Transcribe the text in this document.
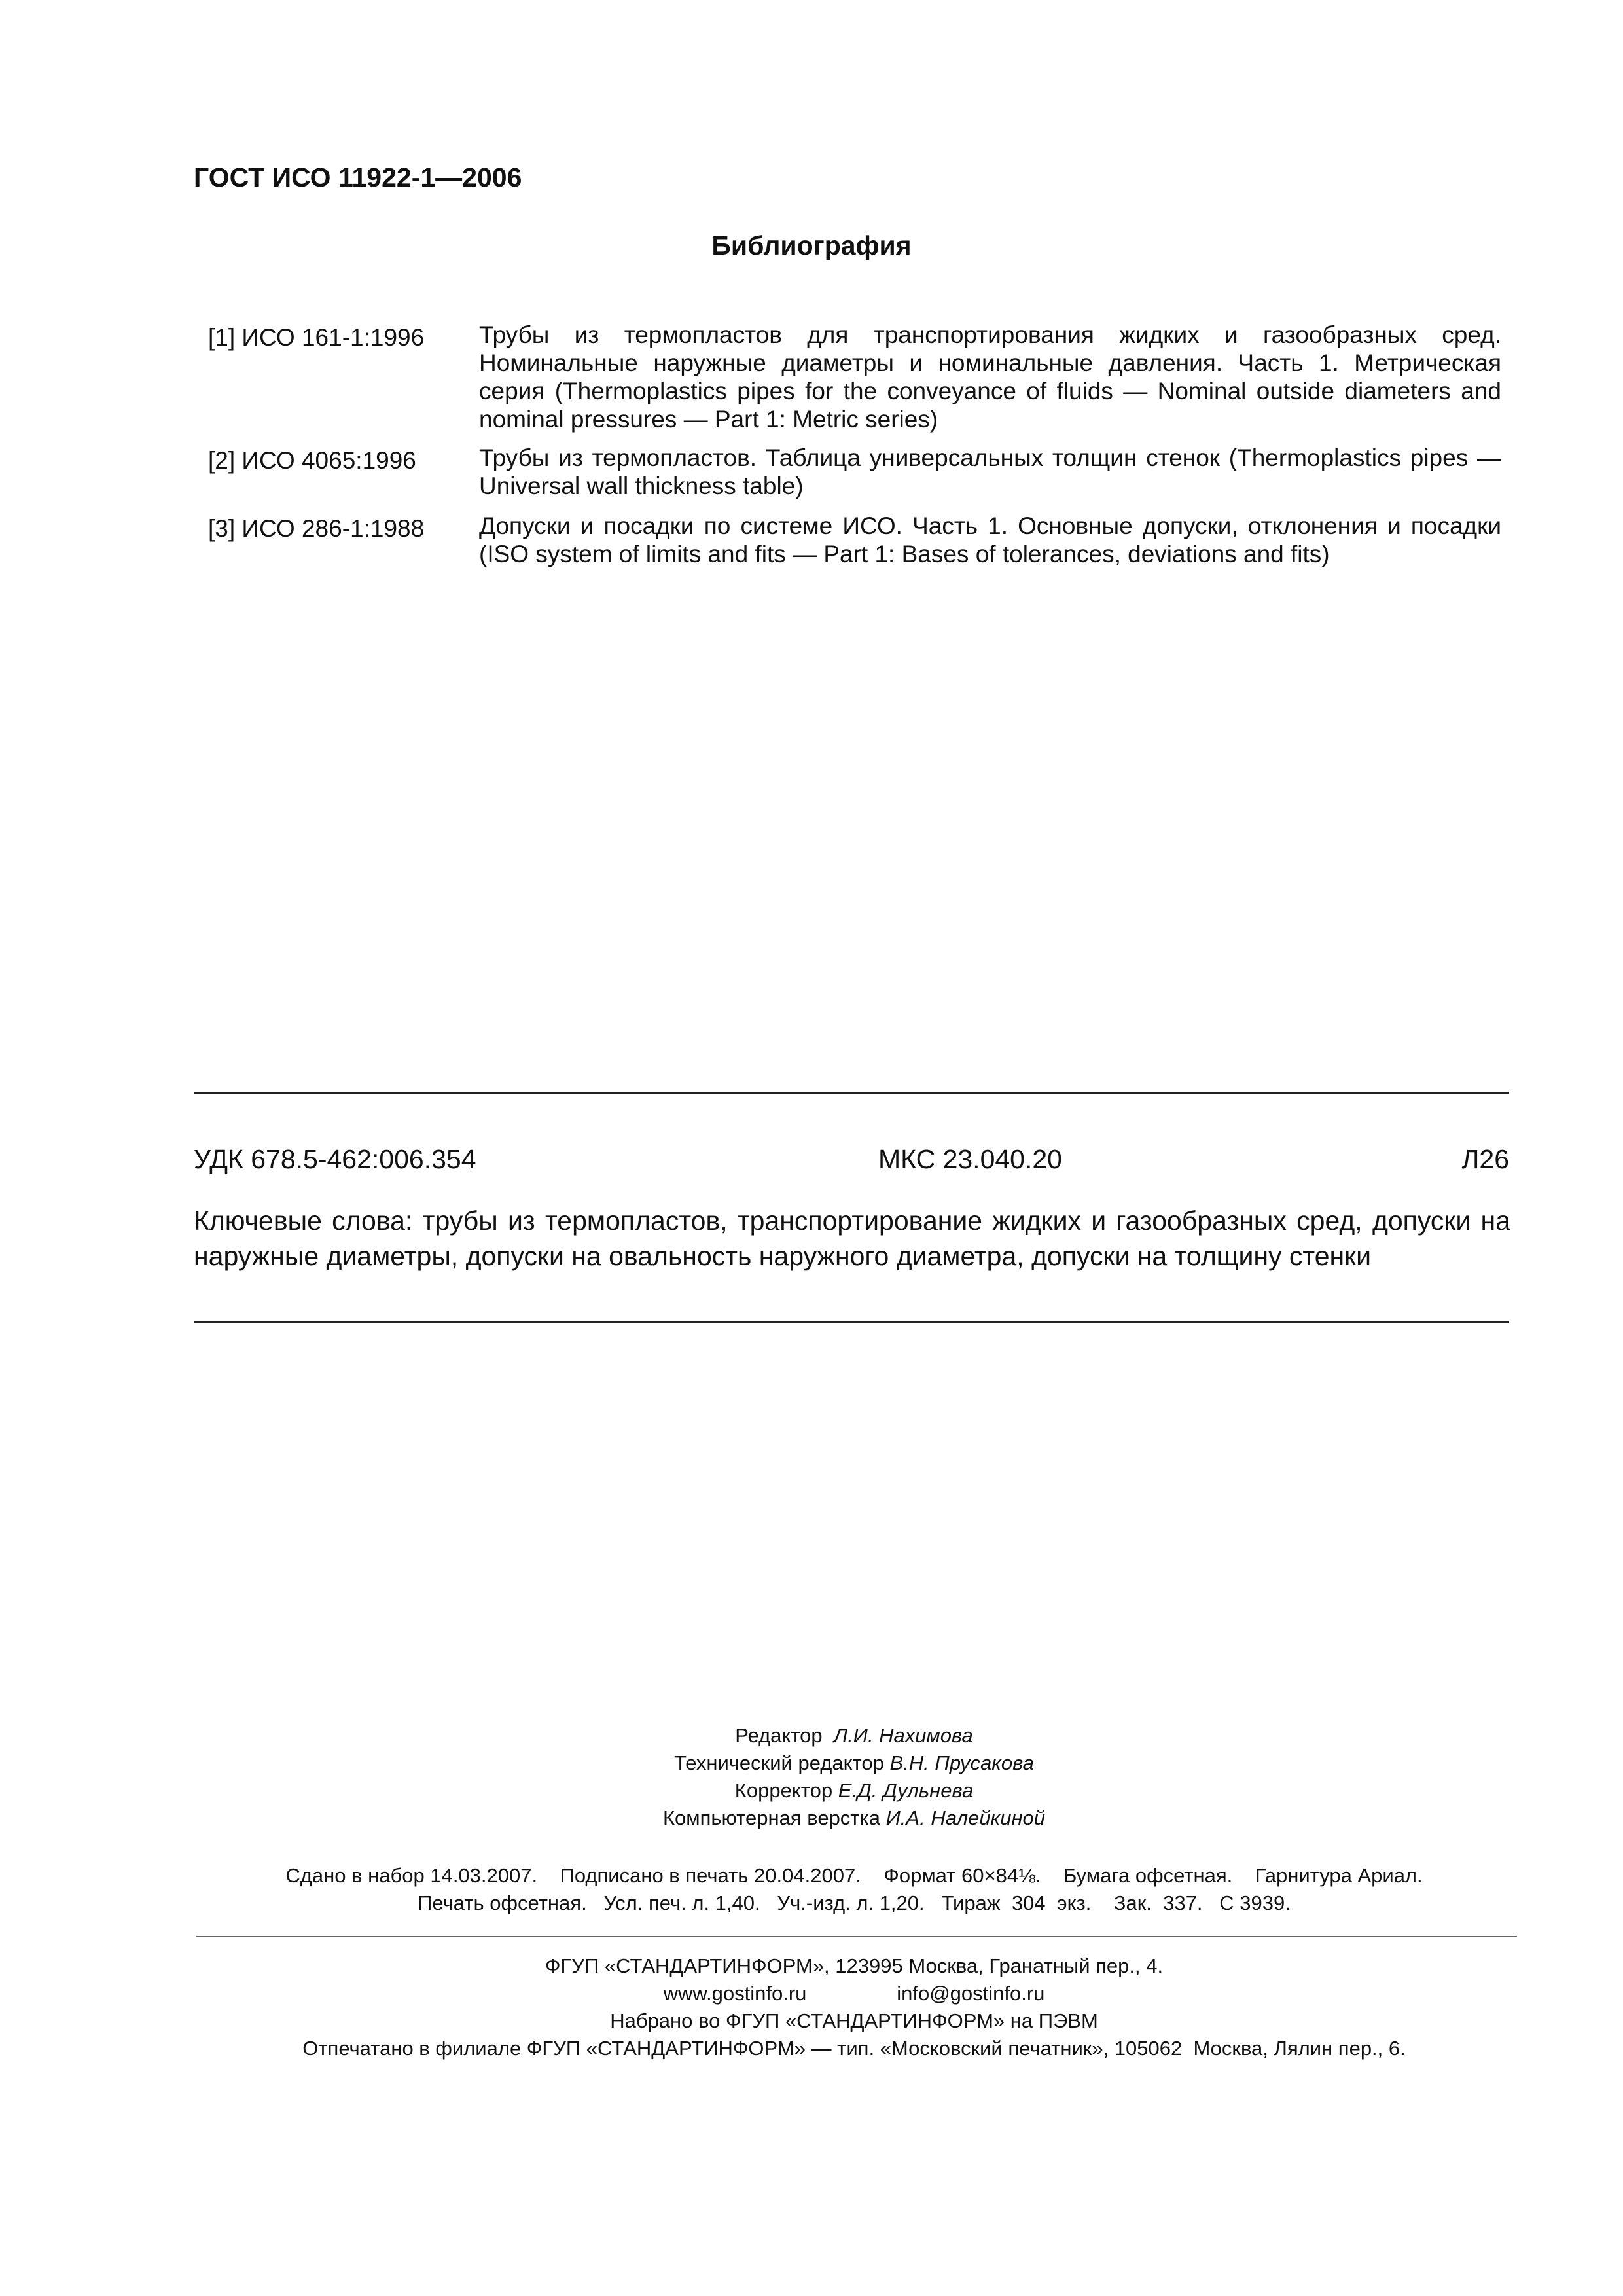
ГОСТ ИСО 11922-1—2006
Библиография
[1] ИСО 161-1:1996 Трубы из термопластов для транспортирования жидких и газообразных сред. Номинальные наружные диаметры и номинальные давления. Часть 1. Метрическая серия (Thermoplastics pipes for the conveyance of fluids — Nominal outside diameters and nominal pressures — Part 1: Metric series)
[2] ИСО 4065:1996	Трубы из термопластов. Таблица универсальных толщин стенок (Thermoplastics pipes — Universal wall thickness table)
[3] ИСО 286-1:1988 Допуски и посадки по системе ИСО. Часть 1. Основные допуски, отклонения и посадки (ISO system of limits and fits — Part 1: Bases of tolerances, deviations and fits)
УДК 678.5-462:006.354	МКС 23.040.20	Л26
Ключевые слова: трубы из термопластов, транспортирование жидких и газообразных сред, допуски на наружные диаметры, допуски на овальность наружного диаметра, допуски на толщину стенки
Редактор Л.И. Нахимова
Технический редактор В.Н. Прусакова
Корректор Е.Д. Дульнева
Компьютерная верстка И.А. Налейкиной
Сдано в набор 14.03.2007.    Подписано в печать 20.04.2007.    Формат 60×84⅛.    Бумага офсетная.    Гарнитура Ариал.
Печать офсетная.   Усл. печ. л. 1,40.   Уч.-изд. л. 1,20.   Тираж  304  экз.    Зак.  337.   С 3939.
ФГУП «СТАНДАРТИНФОРМ», 123995 Москва, Гранатный пер., 4.
www.gostinfo.ru	info@gostinfo.ru
Набрано во ФГУП «СТАНДАРТИНФОРМ» на ПЭВМ
Отпечатано в филиале ФГУП «СТАНДАРТИНФОРМ» — тип. «Московский печатник», 105062  Москва, Лялин пер., 6.
